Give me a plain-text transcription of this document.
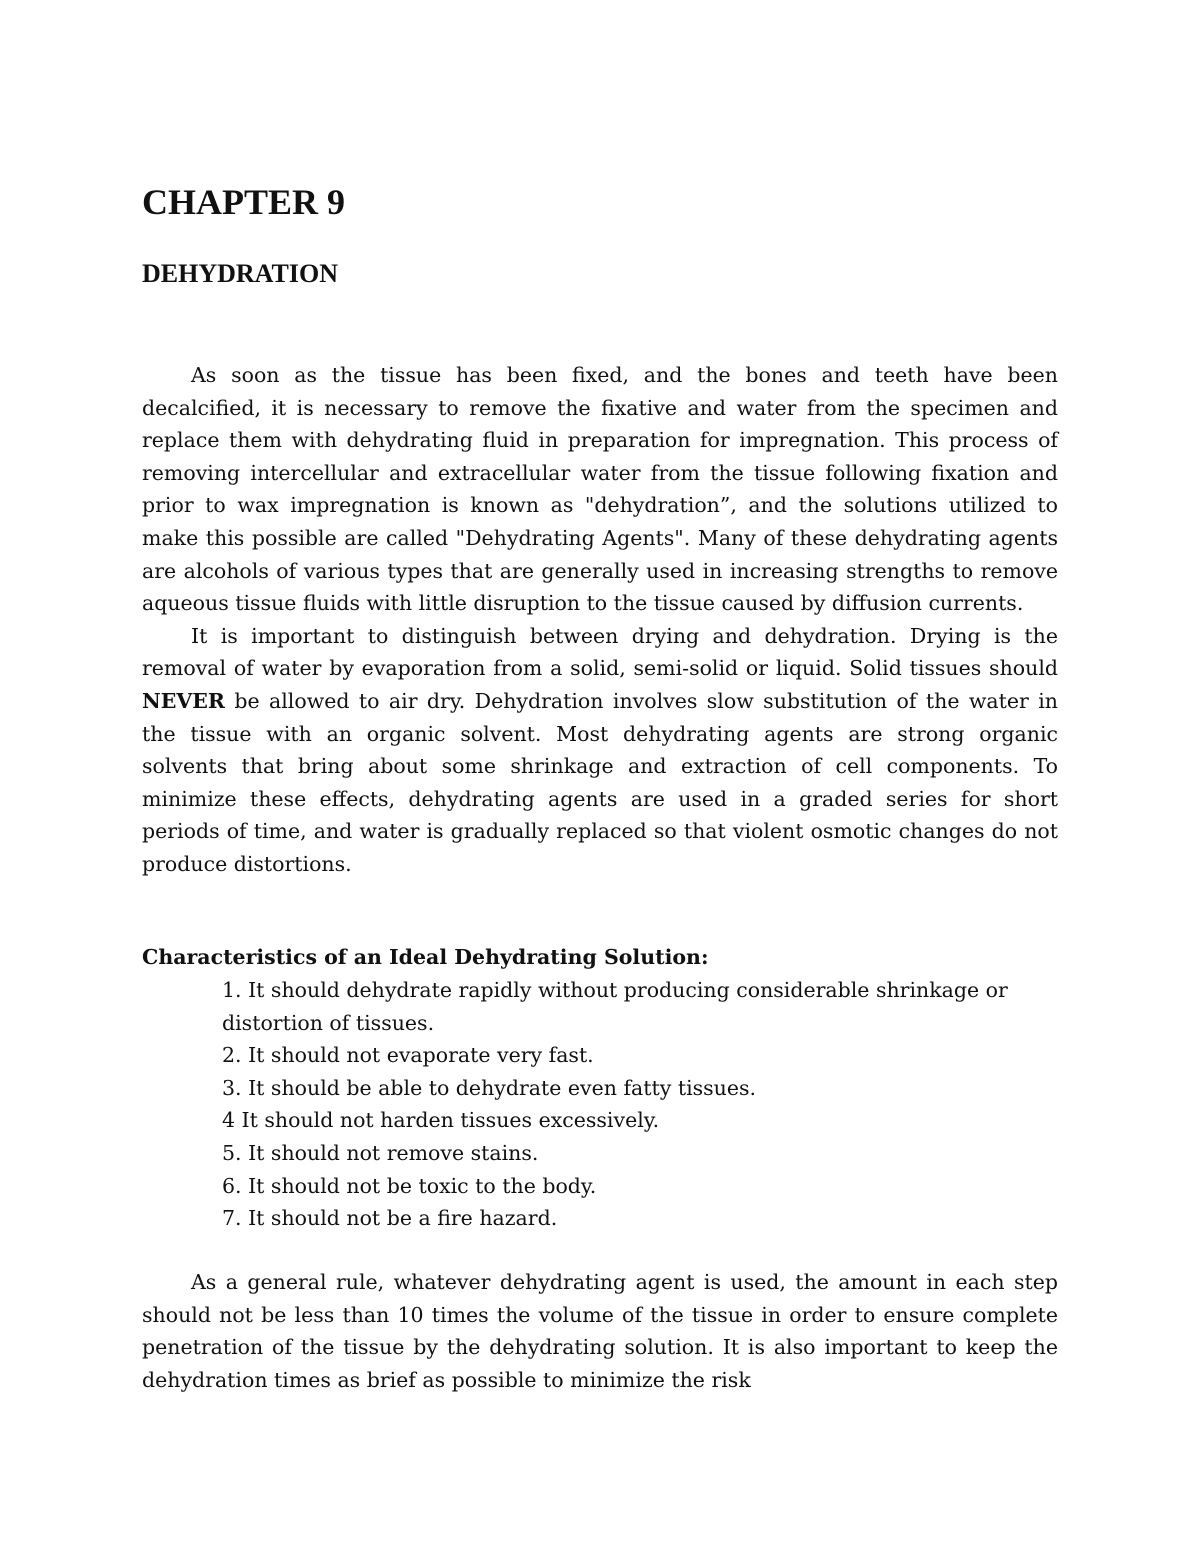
CHAPTER 9
DEHYDRATION

As soon as the tissue has been fixed, and the bones and teeth have been decalcified, it is necessary to remove the fixative and water from the specimen and replace them with dehydrating fluid in preparation for impregnation. This process of removing intercellular and extracellular water from the tissue following fixation and prior to wax impregnation is known as "dehydration”, and the solutions utilized to make this possible are called "Dehydrating Agents". Many of these dehydrating agents are alcohols of various types that are generally used in increasing strengths to remove aqueous tissue fluids with little disruption to the tissue caused by diffusion currents.

It is important to distinguish between drying and dehydration. Drying is the removal of water by evaporation from a solid, semi-solid or liquid. Solid tissues should NEVER be allowed to air dry. Dehydration involves slow substitution of the water in the tissue with an organic solvent. Most dehydrating agents are strong organic solvents that bring about some shrinkage and extraction of cell components. To minimize these effects, dehydrating agents are used in a graded series for short periods of time, and water is gradually replaced so that violent osmotic changes do not produce distortions.

Characteristics of an Ideal Dehydrating Solution:

1. It should dehydrate rapidly without producing considerable shrinkage or distortion of tissues.
2. It should not evaporate very fast.
3. It should be able to dehydrate even fatty tissues.
4 It should not harden tissues excessively.
5. It should not remove stains.
6. It should not be toxic to the body.
7. It should not be a fire hazard.

As a general rule, whatever dehydrating agent is used, the amount in each step should not be less than 10 times the volume of the tissue in order to ensure complete penetration of the tissue by the dehydrating solution. It is also important to keep the dehydration times as brief as possible to minimize the risk
